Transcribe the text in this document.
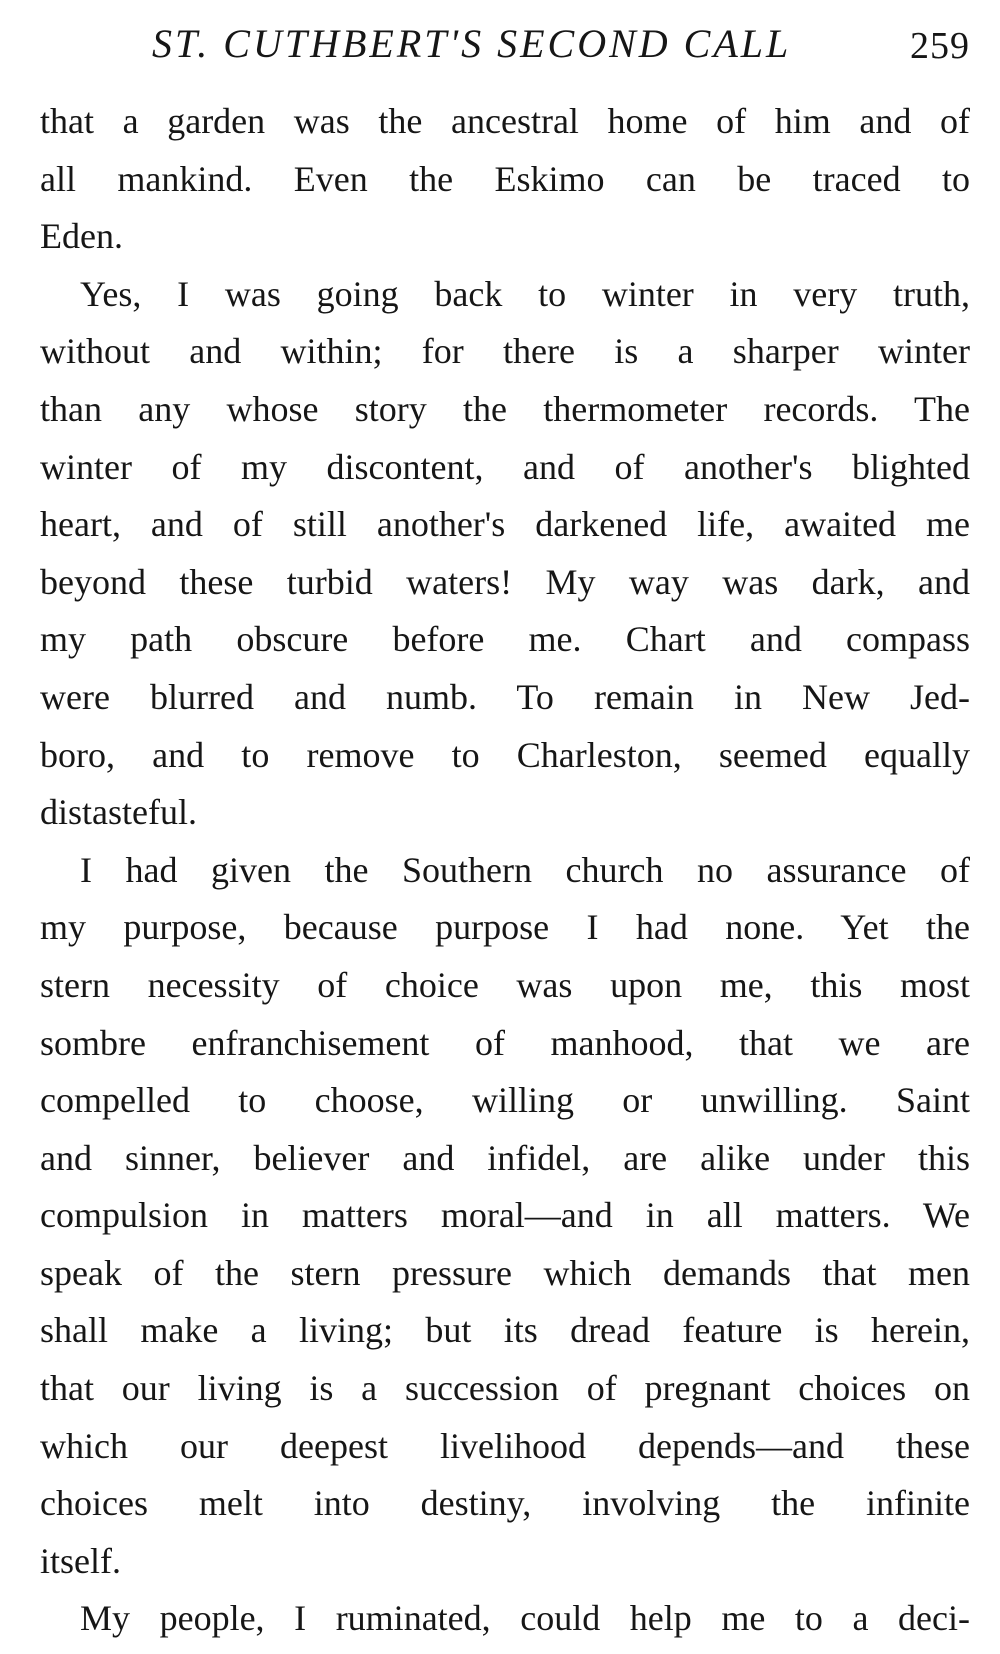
ST. CUTHBERT'S SECOND CALL	259
that a garden was the ancestral home of him and of
all mankind. Even the Eskimo can be traced to
Eden.
Yes, I was going back to winter in very truth,
without and within; for there is a sharper winter
than any whose story the thermometer records. The
winter of my discontent, and of another's blighted
heart, and of still another's darkened life, awaited me
beyond these turbid waters! My way was dark, and
my path obscure before me. Chart and compass
were blurred and numb. To remain in New Jed-
boro, and to remove to Charleston, seemed equally
distasteful.
I had given the Southern church no assurance of
my purpose, because purpose I had none. Yet the
stern necessity of choice was upon me, this most
sombre enfranchisement of manhood, that we are
compelled to choose, willing or unwilling. Saint
and sinner, believer and infidel, are alike under this
compulsion in matters moral—and in all matters. We
speak of the stern pressure which demands that men
shall make a living; but its dread feature is herein,
that our living is a succession of pregnant choices on
which our deepest livelihood depends—and these
choices melt into destiny, involving the infinite
itself.
My people, I ruminated, could help me to a deci-
